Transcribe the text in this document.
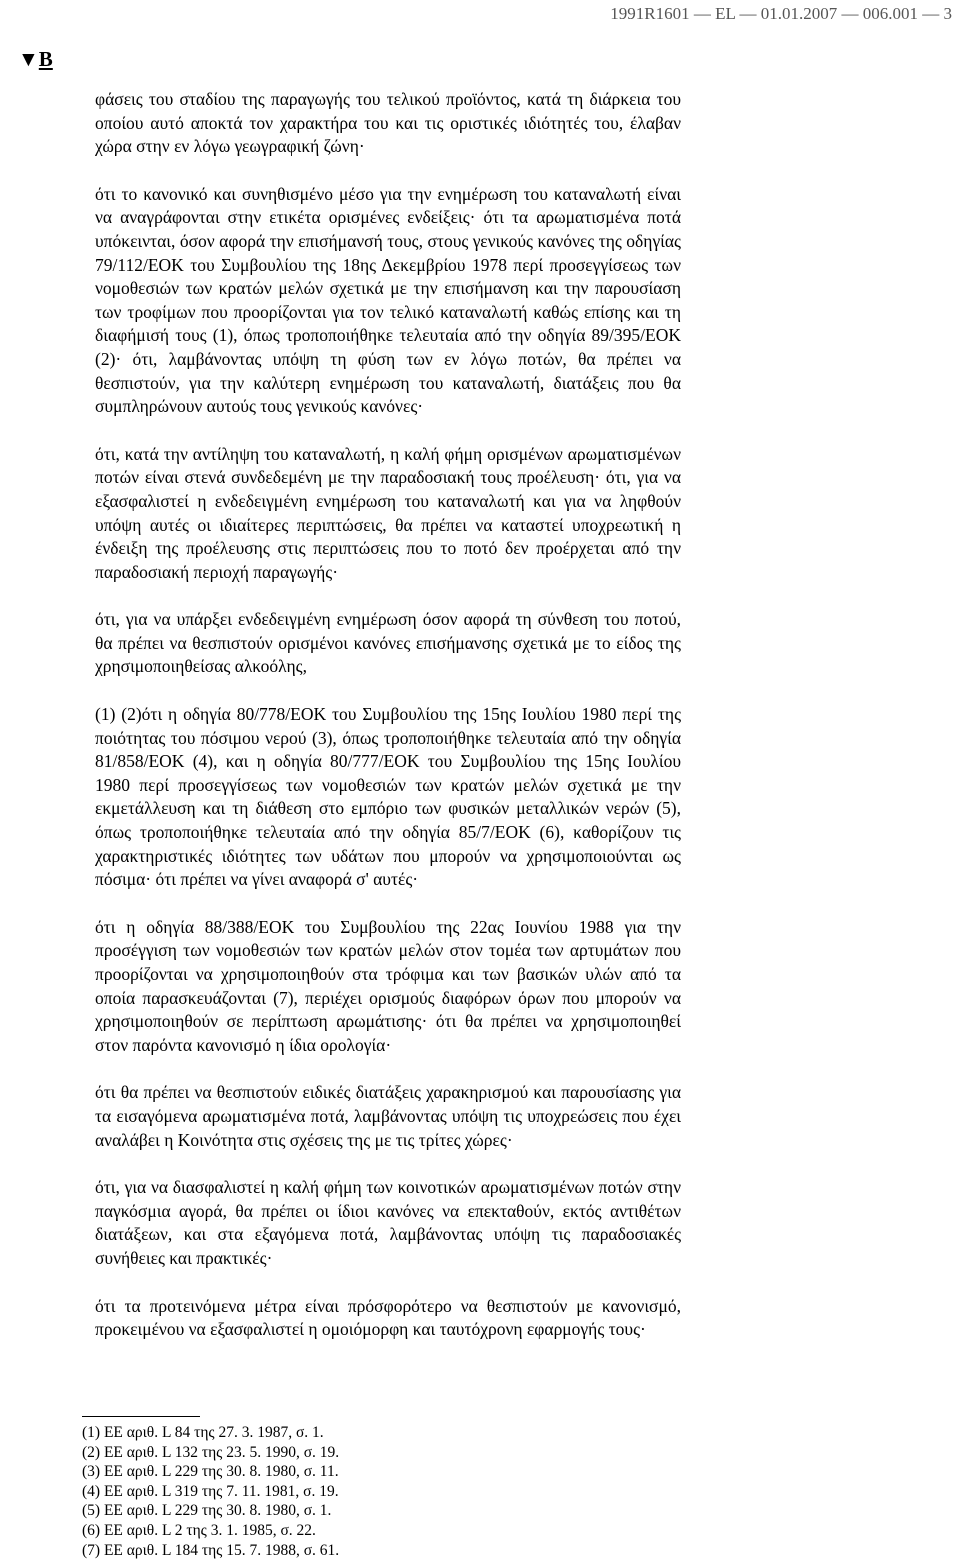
1991R1601 — EL — 01.01.2007 — 006.001 — 3
▼B

φάσεις του σταδίου της παραγωγής του τελικού προϊόντος, κατά τη διάρκεια του οποίου αυτό αποκτά τον χαρακτήρα του και τις οριστικές ιδιότητές του, έλαβαν χώρα στην εν λόγω γεωγραφική ζώνη·

ότι το κανονικό και συνηθισμένο μέσο για την ενημέρωση του καταναλωτή είναι να αναγράφονται στην ετικέτα ορισμένες ενδείξεις· ότι τα αρωματισμένα ποτά υπόκεινται, όσον αφορά την επισήμανσή τους, στους γενικούς κανόνες της οδηγίας 79/112/ΕΟΚ του Συμβουλίου της 18ης Δεκεμβρίου 1978 περί προσεγγίσεως των νομοθεσιών των κρατών μελών σχετικά με την επισήμανση και την παρουσίαση των τροφίμων που προορίζονται για τον τελικό καταναλωτή καθώς επίσης και τη διαφήμισή τους (1), όπως τροποποιήθηκε τελευταία από την οδηγία 89/395/ΕΟΚ (2)· ότι, λαμβάνοντας υπόψη τη φύση των εν λόγω ποτών, θα πρέπει να θεσπιστούν, για την καλύτερη ενημέρωση του καταναλωτή, διατάξεις που θα συμπληρώνουν αυτούς τους γενικούς κανόνες·

ότι, κατά την αντίληψη του καταναλωτή, η καλή φήμη ορισμένων αρωματισμένων ποτών είναι στενά συνδεδεμένη με την παραδοσιακή τους προέλευση· ότι, για να εξασφαλιστεί η ενδεδειγμένη ενημέρωση του καταναλωτή και για να ληφθούν υπόψη αυτές οι ιδιαίτερες περιπτώσεις, θα πρέπει να καταστεί υποχρεωτική η ένδειξη της προέλευσης στις περιπτώσεις που το ποτό δεν προέρχεται από την παραδοσιακή περιοχή παραγωγής·

ότι, για να υπάρξει ενδεδειγμένη ενημέρωση όσον αφορά τη σύνθεση του ποτού, θα πρέπει να θεσπιστούν ορισμένοι κανόνες επισήμανσης σχετικά με το είδος της χρησιμοποιηθείσας αλκοόλης,

(1) (2)ότι η οδηγία 80/778/ΕΟΚ του Συμβουλίου της 15ης Ιουλίου 1980 περί της ποιότητας του πόσιμου νερού (3), όπως τροποποιήθηκε τελευταία από την οδηγία 81/858/ΕΟΚ (4), και η οδηγία 80/777/ΕΟΚ του Συμβουλίου της 15ης Ιουλίου 1980 περί προσεγγίσεως των νομοθεσιών των κρατών μελών σχετικά με την εκμετάλλευση και τη διάθεση στο εμπόριο των φυσικών μεταλλικών νερών (5), όπως τροποποιήθηκε τελευταία από την οδηγία 85/7/ΕΟΚ (6), καθορίζουν τις χαρακτηριστικές ιδιότητες των υδάτων που μπορούν να χρησιμοποιούνται ως πόσιμα· ότι πρέπει να γίνει αναφορά σ' αυτές·

ότι η οδηγία 88/388/ΕΟΚ του Συμβουλίου της 22ας Ιουνίου 1988 για την προσέγγιση των νομοθεσιών των κρατών μελών στον τομέα των αρτυμάτων που προορίζονται να χρησιμοποιηθούν στα τρόφιμα και των βασικών υλών από τα οποία παρασκευάζονται (7), περιέχει ορισμούς διαφόρων όρων που μπορούν να χρησιμοποιηθούν σε περίπτωση αρωμάτισης· ότι θα πρέπει να χρησιμοποιηθεί στον παρόντα κανονισμό η ίδια ορολογία·

ότι θα πρέπει να θεσπιστούν ειδικές διατάξεις χαρακηρισμού και παρουσίασης για τα εισαγόμενα αρωματισμένα ποτά, λαμβάνοντας υπόψη τις υποχρεώσεις που έχει αναλάβει η Κοινότητα στις σχέσεις της με τις τρίτες χώρες·

ότι, για να διασφαλιστεί η καλή φήμη των κοινοτικών αρωματισμένων ποτών στην παγκόσμια αγορά, θα πρέπει οι ίδιοι κανόνες να επεκταθούν, εκτός αντιθέτων διατάξεων, και στα εξαγόμενα ποτά, λαμβάνοντας υπόψη τις παραδοσιακές συνήθειες και πρακτικές·

ότι τα προτεινόμενα μέτρα είναι πρόσφορότερο να θεσπιστούν με κανονισμό, προκειμένου να εξασφαλιστεί η ομοιόμορφη και ταυτόχρονη εφαρμογής τους·

(1) ΕΕ αριθ. L 84 της 27. 3. 1987, σ. 1.

(2) ΕΕ αριθ. L 132 της 23. 5. 1990, σ. 19.

(3) ΕΕ αριθ. L 229 της 30. 8. 1980, σ. 11.

(4) ΕΕ αριθ. L 319 της 7. 11. 1981, σ. 19.

(5) ΕΕ αριθ. L 229 της 30. 8. 1980, σ. 1.

(6) ΕΕ αριθ. L 2 της 3. 1. 1985, σ. 22.

(7) ΕΕ αριθ. L 184 της 15. 7. 1988, σ. 61.
